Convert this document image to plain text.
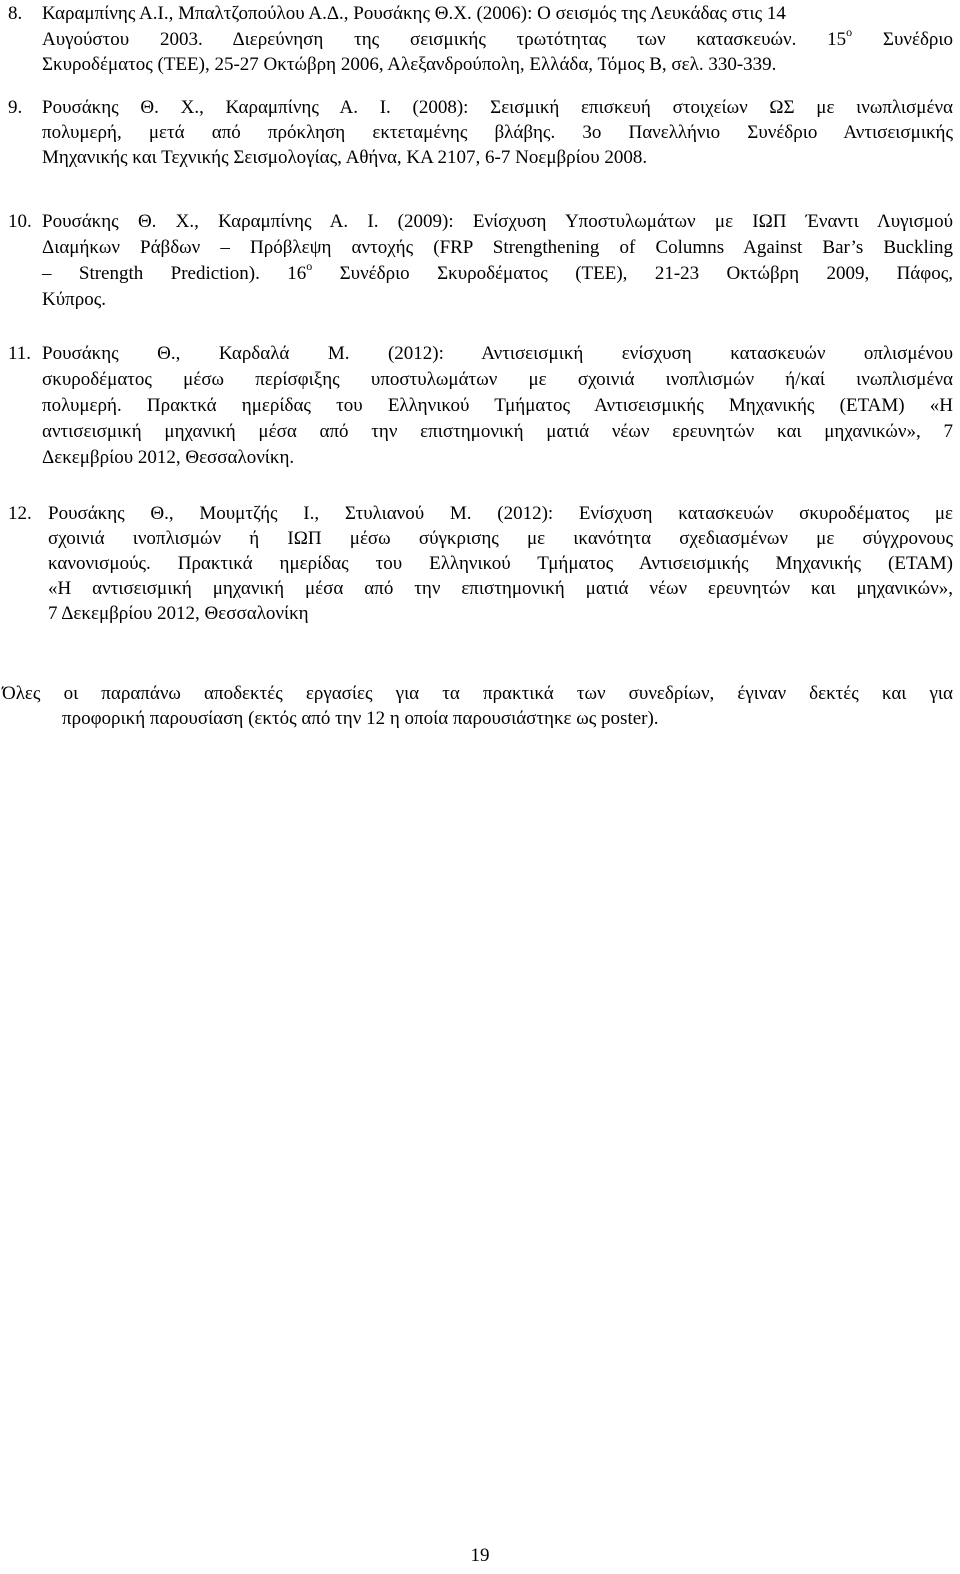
8. Καραμπίνης Α.Ι., Μπαλτζοπούλου Α.Δ., Ρουσάκης Θ.Χ. (2006): Ο σεισμός της Λευκάδας στις 14
Αυγούστου 2003. Διερεύνηση της σεισμικής τρωτότητας των κατασκευών. $15^o$ Συνέδριο
Σκυροδέματος (ΤΕΕ), 25-27 Οκτώβρη 2006, Αλεξανδρούπολη, Ελλάδα, Τόμος Β, σελ. 330-339.
9. Ρουσάκης Θ. Χ., Καραμπίνης Α. Ι. (2008): Σεισμική επισκευή στοιχείων ΩΣ με ινωπλισμένα
πολυμερή, μετά από πρόκληση εκτεταμένης βλάβης. 3ο Πανελλήνιο Συνέδριο Αντισεισμικής
Μηχανικής και Τεχνικής Σεισμολογίας, Αθήνα, ΚΑ 2107, 6-7 Νοεμβρίου 2008.
10. Ρουσάκης Θ. Χ., Καραμπίνης Α. Ι. (2009): Ενίσχυση Υποστυλωμάτων με ΙΩΠ Έναντι Λυγισμού
Διαμήκων Ράβδων – Πρόβλεψη αντοχής (FRP Strengthening of Columns Against Bar’s Buckling
– Strength Prediction). $16^o$ Συνέδριο Σκυροδέματος (ΤΕΕ), 21-23 Οκτώβρη 2009, Πάφος,
Κύπρος.
11. Ρουσάκης Θ., Καρδαλά Μ. (2012): Αντισεισμική ενίσχυση κατασκευών οπλισμένου
σκυροδέματος μέσω περίσφιξης υποστυλωμάτων με σχοινιά ινοπλισμών ή/καί ινωπλισμένα
πολυμερή. Πρακτκά ημερίδας του Ελληνικού Τμήματος Αντισεισμικής Μηχανικής (ΕΤΑΜ) «Η
αντισεισμική μηχανική μέσα από την επιστημονική ματιά νέων ερευνητών και μηχανικών», 7
Δεκεμβρίου 2012, Θεσσαλονίκη.
12. Ρουσάκης Θ., Μουμτζής Ι., Στυλιανού Μ. (2012): Ενίσχυση κατασκευών σκυροδέματος με
σχοινιά ινοπλισμών ή ΙΩΠ μέσω σύγκρισης με ικανότητα σχεδιασμένων με σύγχρονους
κανονισμούς. Πρακτικά ημερίδας του Ελληνικού Τμήματος Αντισεισμικής Μηχανικής (ΕΤΑΜ)
«Η αντισεισμική μηχανική μέσα από την επιστημονική ματιά νέων ερευνητών και μηχανικών»,
7 Δεκεμβρίου 2012, Θεσσαλονίκη
Όλες οι παραπάνω αποδεκτές εργασίες για τα πρακτικά των συνεδρίων, έγιναν δεκτές και για
προφορική παρουσίαση (εκτός από την 12 η οποία παρουσιάστηκε ως poster).
19
